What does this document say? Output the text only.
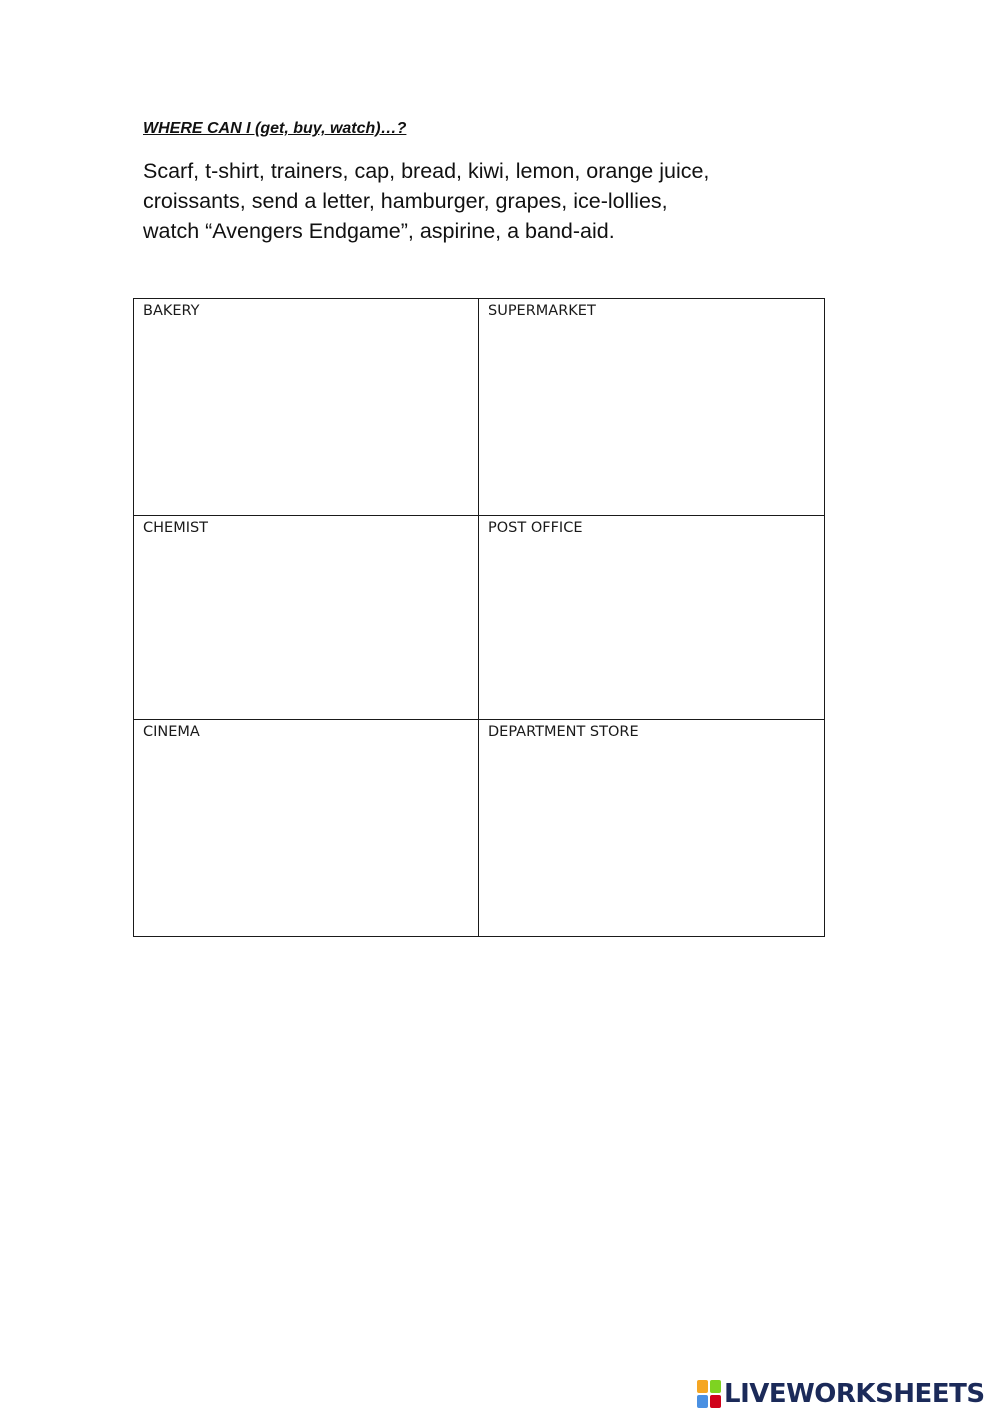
WHERE CAN I (get, buy, watch)…?
Scarf, t-shirt, trainers, cap, bread, kiwi, lemon, orange juice,
croissants, send a letter, hamburger, grapes, ice-lollies,
watch “Avengers Endgame”, aspirine, a band-aid.
BAKERY	SUPERMARKET
CHEMIST	POST OFFICE
CINEMA	DEPARTMENT STORE
LIVEWORKSHEETS
